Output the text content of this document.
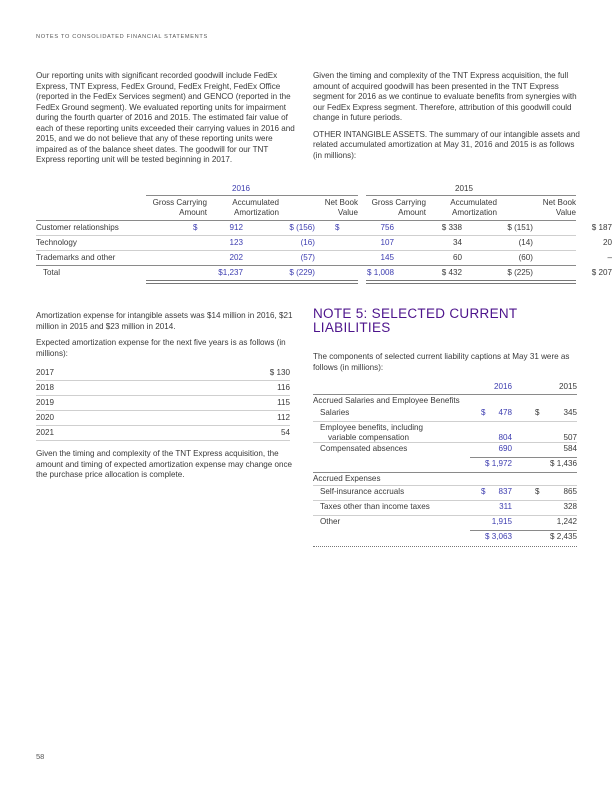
NOTES TO CONSOLIDATED FINANCIAL STATEMENTS

Our reporting units with significant recorded goodwill include FedEx Express, TNT Express, FedEx Ground, FedEx Freight, FedEx Office (reported in the FedEx Services segment) and GENCO (reported in the FedEx Ground segment). We evaluated reporting units for impairment during the fourth quarter of 2016 and 2015. The estimated fair value of each of these reporting units exceeded their carrying values in 2016 and 2015, and we do not believe that any of these reporting units were impaired as of the balance sheet dates. The goodwill for our TNT Express reporting unit will be tested beginning in 2017.

Given the timing and complexity of the TNT Express acquisition, the full amount of acquired goodwill has been presented in the TNT Express segment for 2016 as we continue to evaluate benefits from synergies with our FedEx Express segment. Therefore, attribution of this goodwill could change in future periods.

OTHER INTANGIBLE ASSETS. The summary of our intangible assets and related accumulated amortization at May 31, 2016 and 2015 is as follows (in millions):

2016	2015
Gross Carrying
Amount
Accumulated
Amortization
Net Book
Value
Gross Carrying
Amount
Accumulated
Amortization
Net Book
Value
Customer relationships	$	912	$ (156) $	756	$ 338	$ (151)	$ 187
Technology	123	(16)	107	34	(14)	20
Trademarks and other	202	(57)	145	60	(60)	–
Total	$1,237	$ (229)	$ 1,008	$ 432	$ (225)	$ 207

Amortization expense for intangible assets was $14 million in 2016, $21 million in 2015 and $23 million in 2014.

Expected amortization expense for the next five years is as follows (in millions):

2017	$ 130
2018	116
2019	115
2020	112
2021	54

Given the timing and complexity of the TNT Express acquisition, the amount and timing of expected amortization expense may change once the purchase price allocation is complete.

NOTE 5: SELECTED CURRENT LIABILITIES

The components of selected current liability captions at May 31 were as follows (in millions):

2016	2015
Accrued Salaries and Employee Benefits
Salaries	$	478	$	345
Employee benefits, including
variable compensation	804	507
Compensated absences	690	584
$ 1,972	$ 1,436
Accrued Expenses
Self-insurance accruals	$	837	$	865
Taxes other than income taxes	311	328
Other	1,915	1,242
$ 3,063	$ 2,435
58
